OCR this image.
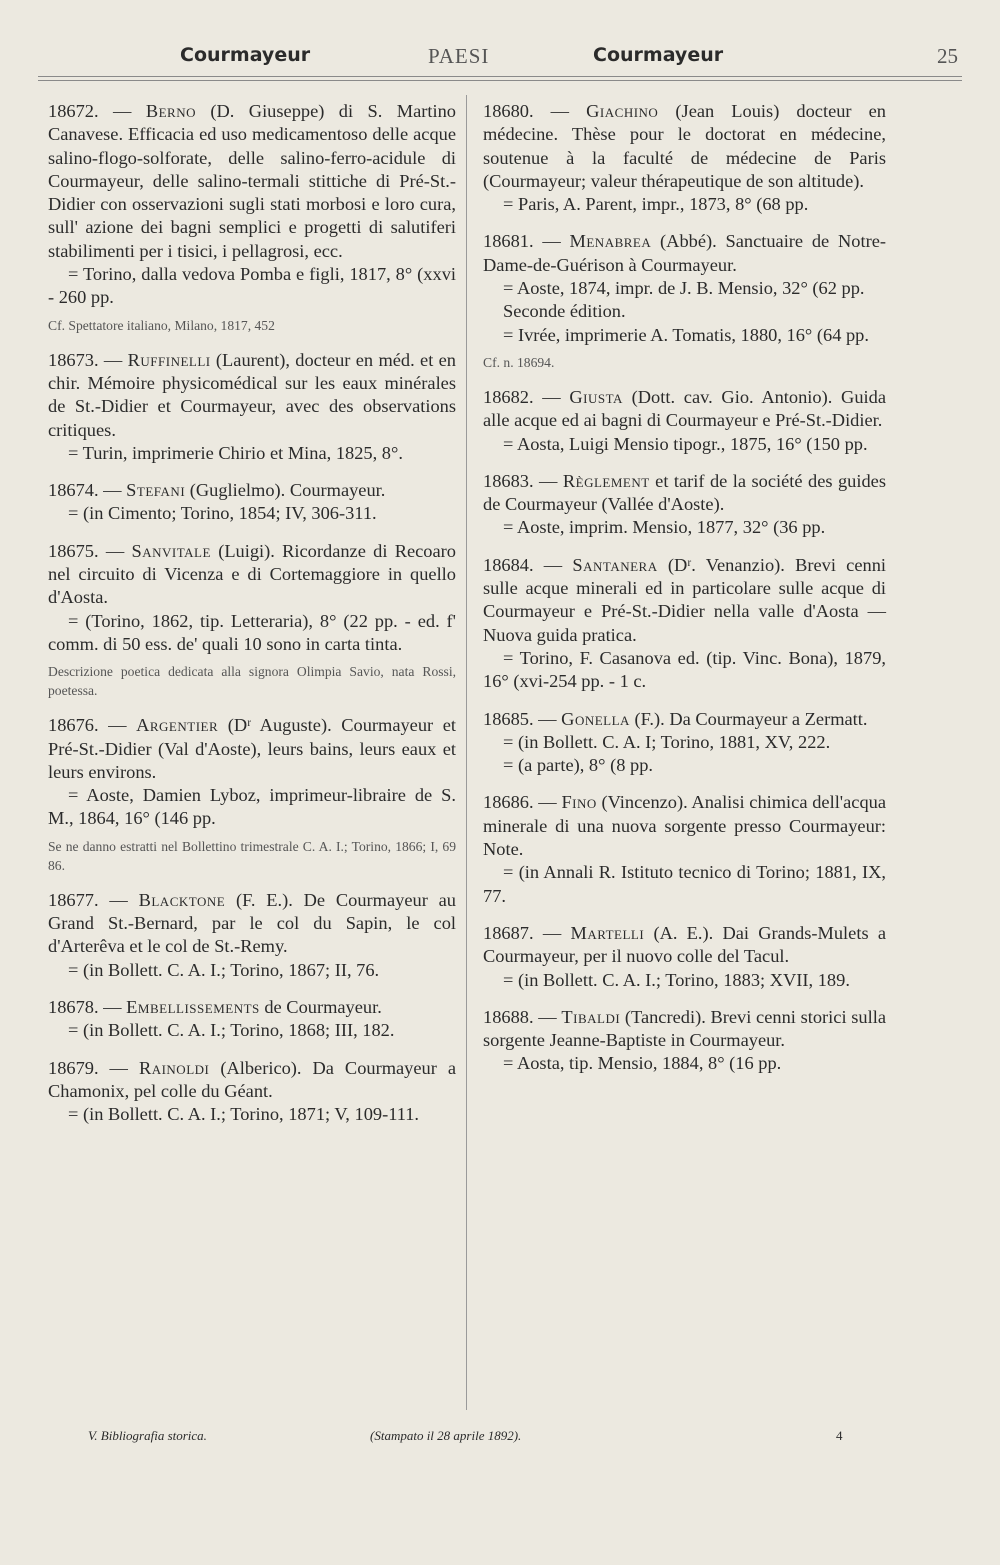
Courmayeur	PAESI	Courmayeur	25

18672. — Berno (D. Giuseppe) di S. Martino Canavese. Efficacia ed uso medicamentoso delle acque salino-flogo-solforate, delle salino-ferro-acidule di Courmayeur, delle salino-termali stittiche di Pré-St.-Didier con osservazioni sugli stati morbosi e loro cura, sull' azione dei bagni semplici e progetti di salutiferi stabilimenti per i tisici, i pellagrosi, ecc.

= Torino, dalla vedova Pomba e figli, 1817, 8° (xxvi - 260 pp.

Cf. Spettatore italiano, Milano, 1817, 452

18673. — Ruffinelli (Laurent), docteur en méd. et en chir. Mémoire physicomédical sur les eaux minérales de St.-Didier et Courmayeur, avec des observations critiques.

= Turin, imprimerie Chirio et Mina, 1825, 8°.

18674. — Stefani (Guglielmo). Courmayeur.

= (in Cimento; Torino, 1854; IV, 306-311.

18675. — Sanvitale (Luigi). Ricordanze di Recoaro nel circuito di Vicenza e di Cortemaggiore in quello d'Aosta.

= (Torino, 1862, tip. Letteraria), 8° (22 pp. - ed. f' comm. di 50 ess. de' quali 10 sono in carta tinta.

Descrizione poetica dedicata alla signora Olimpia Savio, nata Rossi, poetessa.

18676. — Argentier (Dʳ Auguste). Courmayeur et Pré-St.-Didier (Val d'Aoste), leurs bains, leurs eaux et leurs environs.

= Aoste, Damien Lyboz, imprimeur-libraire de S. M., 1864, 16° (146 pp.

Se ne danno estratti nel Bollettino trimestrale C. A. I.; Torino, 1866; I, 69 86.

18677. — Blacktone (F. E.). De Courmayeur au Grand St.-Bernard, par le col du Sapin, le col d'Arterêva et le col de St.-Remy.

= (in Bollett. C. A. I.; Torino, 1867; II, 76.

18678. — Embellissements de Courmayeur.

= (in Bollett. C. A. I.; Torino, 1868; III, 182.

18679. — Rainoldi (Alberico). Da Courmayeur a Chamonix, pel colle du Géant.

= (in Bollett. C. A. I.; Torino, 1871; V, 109-111.

18680. — Giachino (Jean Louis) docteur en médecine. Thèse pour le doctorat en médecine, soutenue à la faculté de médecine de Paris (Courmayeur; valeur thérapeutique de son altitude).

= Paris, A. Parent, impr., 1873, 8° (68 pp.

18681. — Menabrea (Abbé). Sanctuaire de Notre-Dame-de-Guérison à Courmayeur.

= Aoste, 1874, impr. de J. B. Mensio, 32° (62 pp.

Seconde édition.

= Ivrée, imprimerie A. Tomatis, 1880, 16° (64 pp.

Cf. n. 18694.

18682. — Giusta (Dott. cav. Gio. Antonio). Guida alle acque ed ai bagni di Courmayeur e Pré-St.-Didier.

= Aosta, Luigi Mensio tipogr., 1875, 16° (150 pp.

18683. — Règlement et tarif de la société des guides de Courmayeur (Vallée d'Aoste).

= Aoste, imprim. Mensio, 1877, 32° (36 pp.

18684. — Santanera (Dʳ. Venanzio). Brevi cenni sulle acque minerali ed in particolare sulle acque di Courmayeur e Pré-St.-Didier nella valle d'Aosta — Nuova guida pratica.

= Torino, F. Casanova ed. (tip. Vinc. Bona), 1879, 16° (xvi-254 pp. - 1 c.

18685. — Gonella (F.). Da Courmayeur a Zermatt.

= (in Bollett. C. A. I; Torino, 1881, XV, 222.

= (a parte), 8° (8 pp.

18686. — Fino (Vincenzo). Analisi chimica dell'acqua minerale di una nuova sorgente presso Courmayeur: Note.

= (in Annali R. Istituto tecnico di Torino; 1881, IX, 77.

18687. — Martelli (A. E.). Dai Grands-Mulets a Courmayeur, per il nuovo colle del Tacul.

= (in Bollett. C. A. I.; Torino, 1883; XVII, 189.

18688. — Tibaldi (Tancredi). Brevi cenni storici sulla sorgente Jeanne-Baptiste in Courmayeur.

= Aosta, tip. Mensio, 1884, 8° (16 pp.

V. Bibliografia storica.	(Stampato il 28 aprile 1892).	4
